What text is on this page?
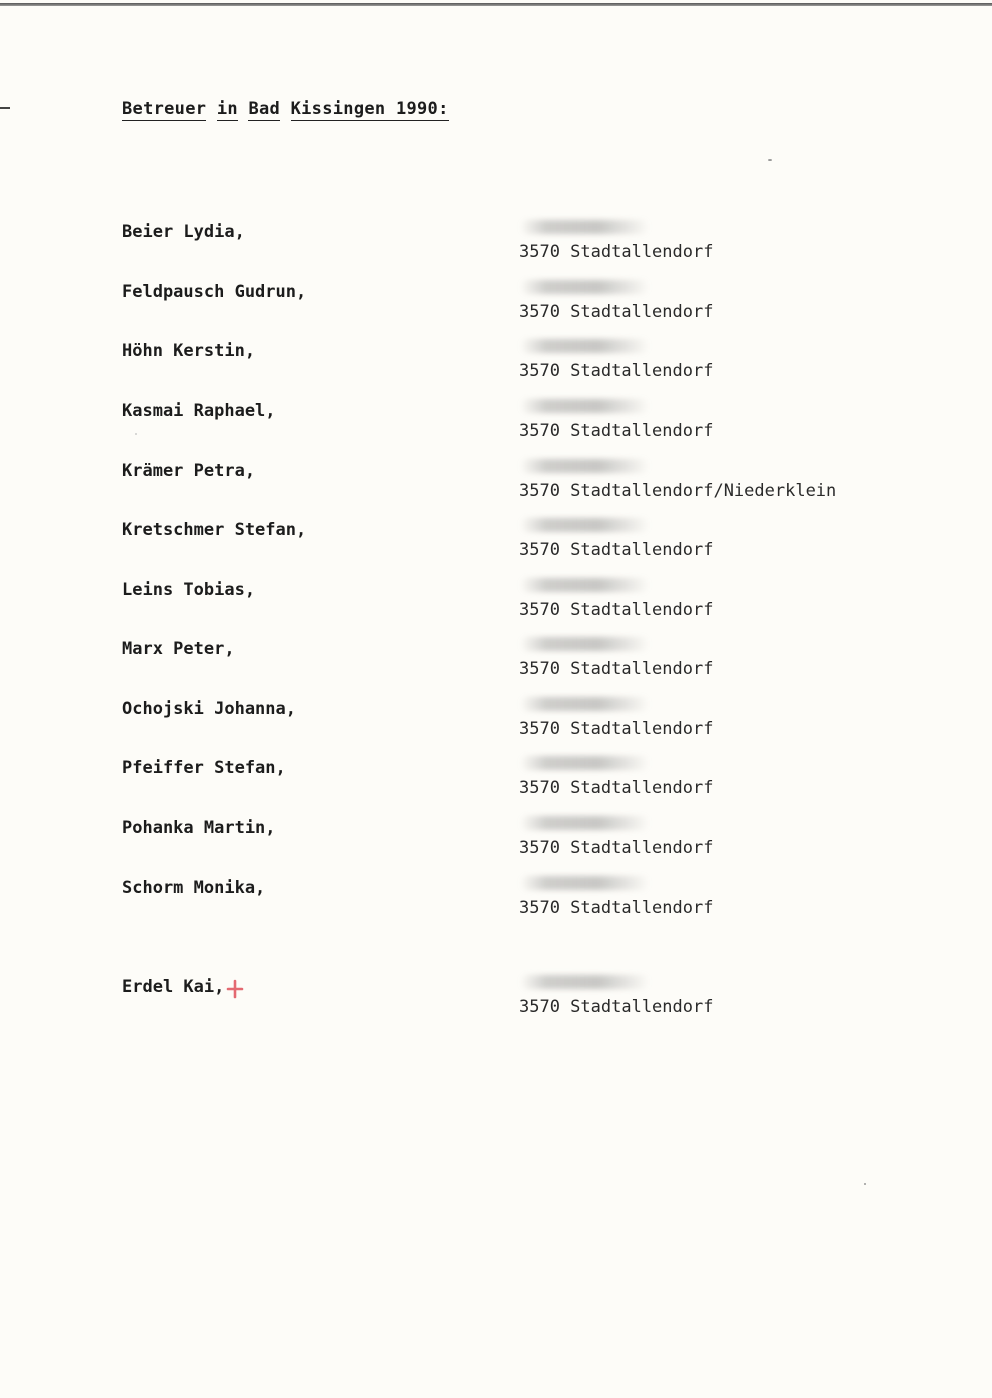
Betreuer in Bad Kissingen 1990:
Beier Lydia,
3570 Stadtallendorf
Feldpausch Gudrun,
3570 Stadtallendorf
Höhn Kerstin,
3570 Stadtallendorf
Kasmai Raphael,
3570 Stadtallendorf
Krämer Petra,
3570 Stadtallendorf/Niederklein
Kretschmer Stefan,
3570 Stadtallendorf
Leins Tobias,
3570 Stadtallendorf
Marx Peter,
3570 Stadtallendorf
Ochojski Johanna,
3570 Stadtallendorf
Pfeiffer Stefan,
3570 Stadtallendorf
Pohanka Martin,
3570 Stadtallendorf
Schorm Monika,
3570 Stadtallendorf
Erdel Kai,
3570 Stadtallendorf
